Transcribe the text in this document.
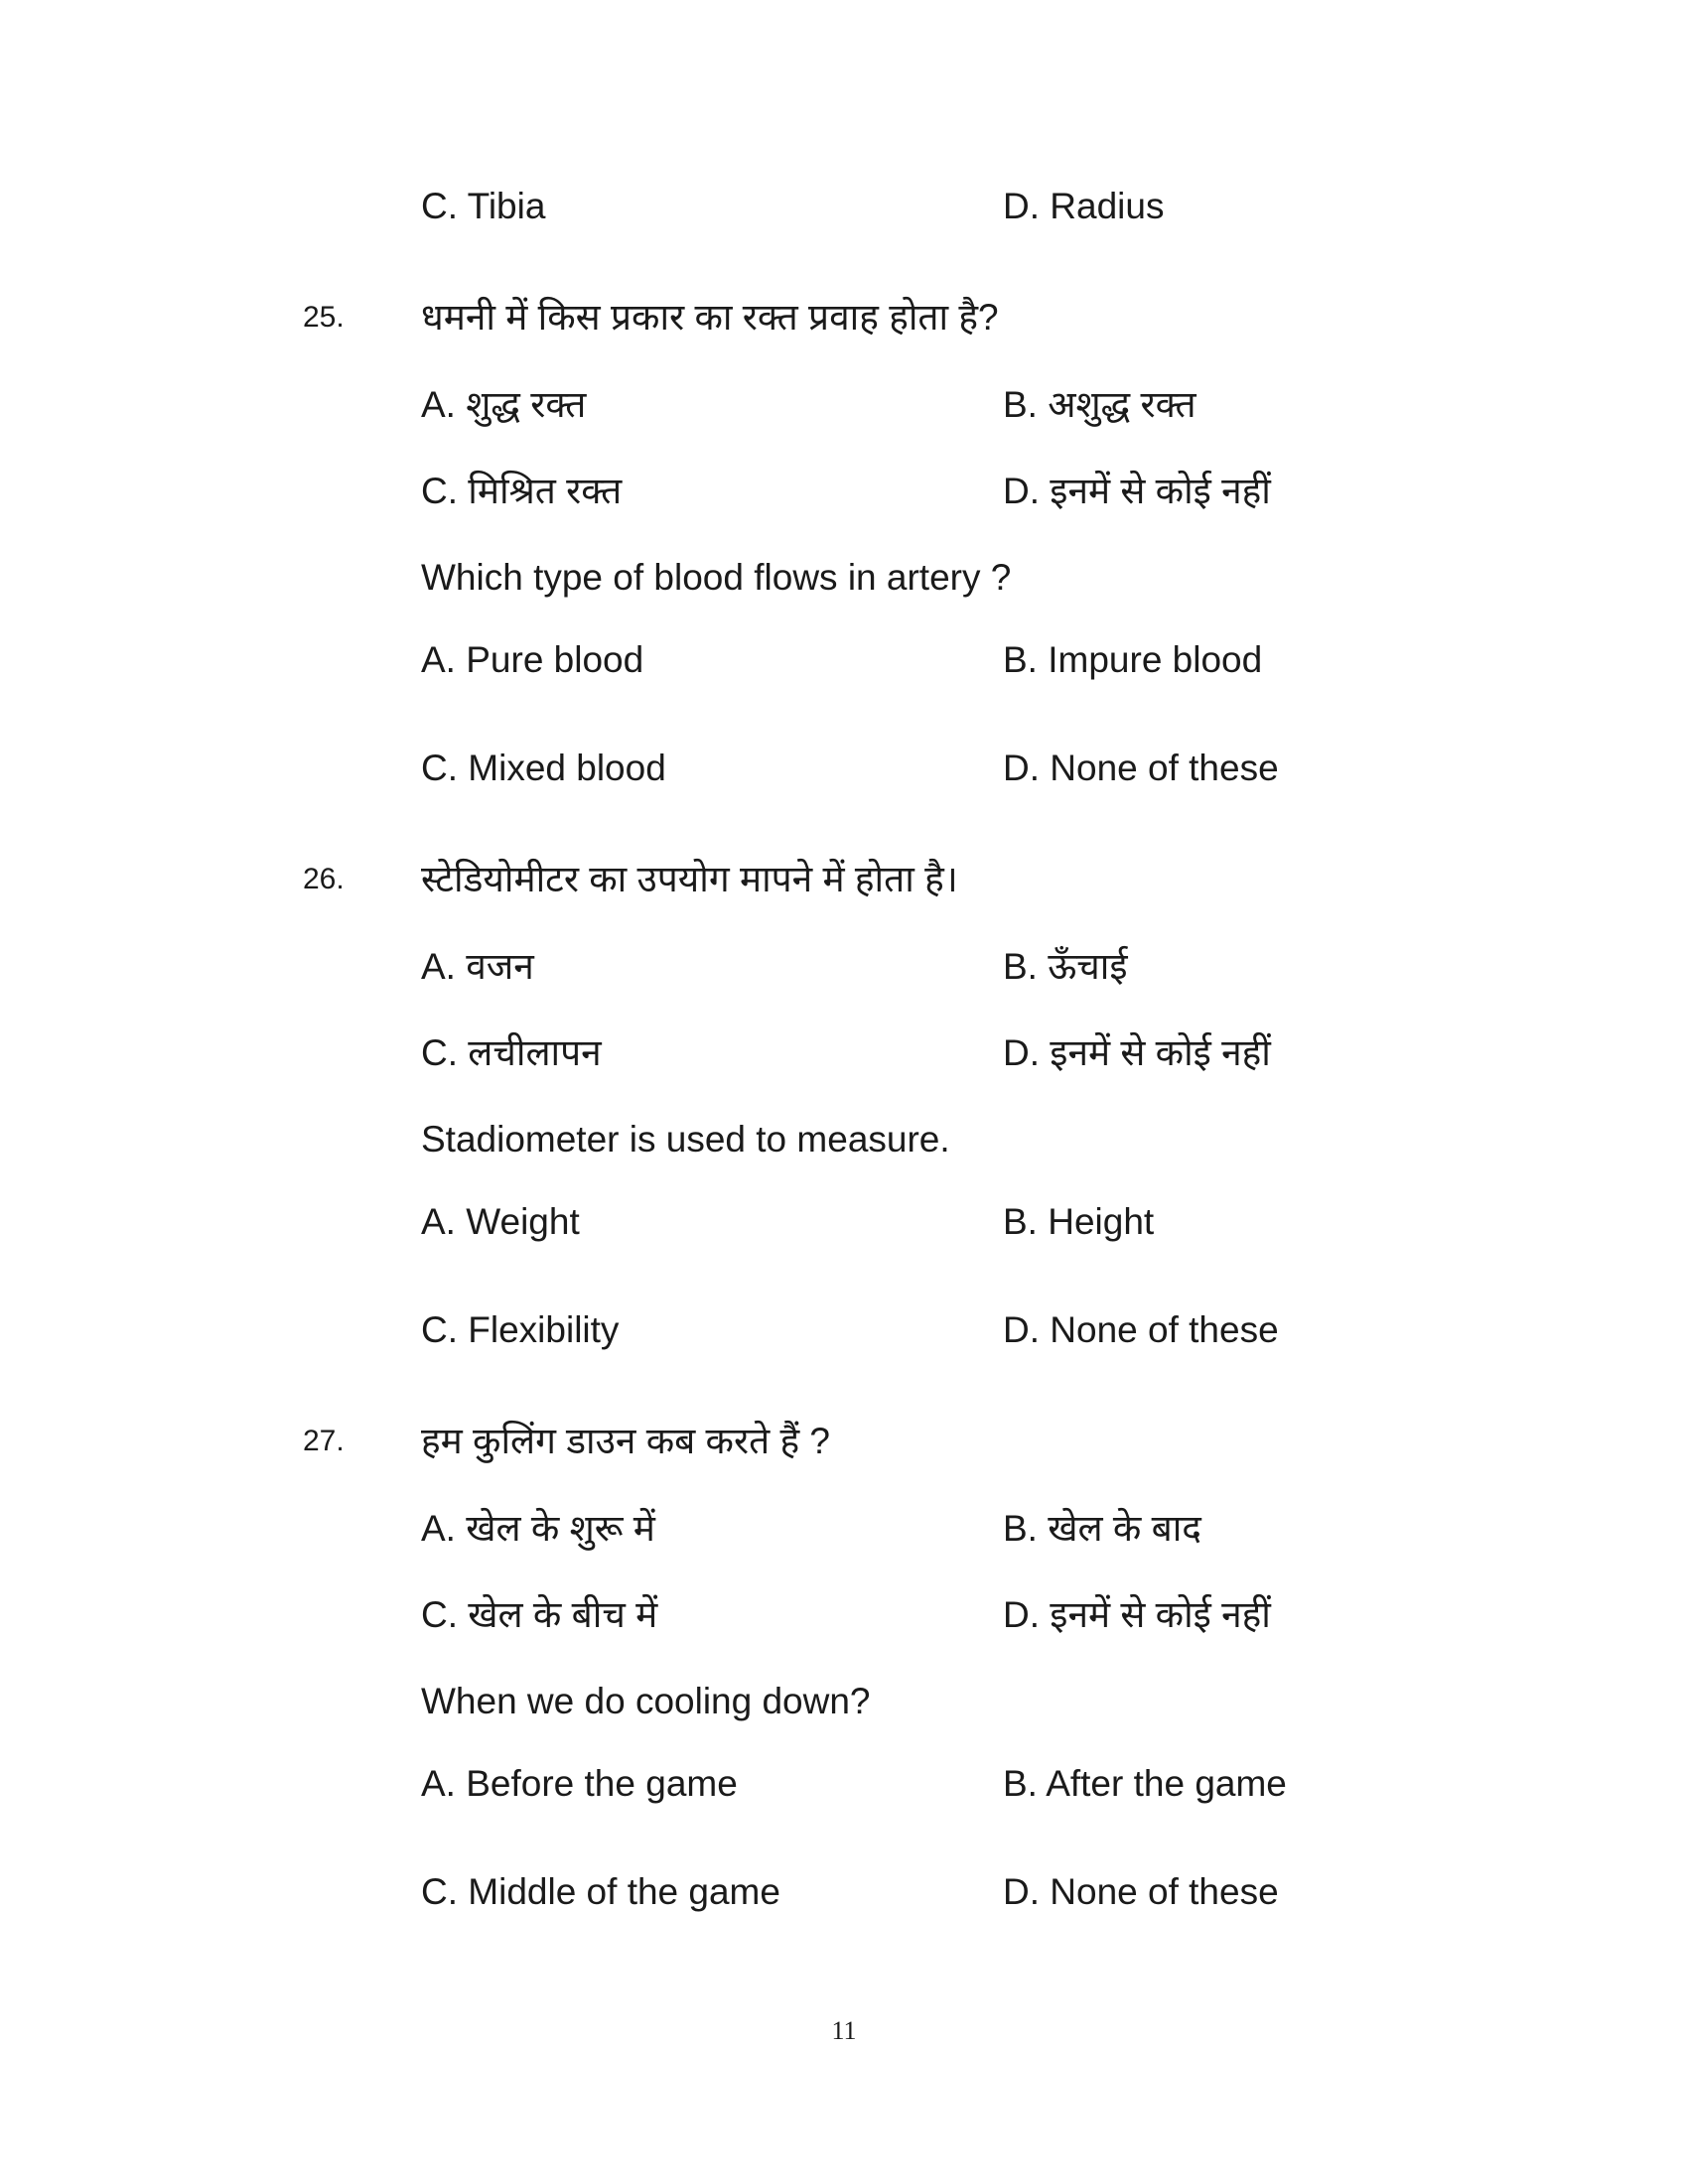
C. Tibia	D. Radius
25. धमनी में किस प्रकार का रक्त प्रवाह होता है?
A. शुद्ध रक्त	B. अशुद्ध रक्त
C. मिश्रित रक्त	D. इनमें से कोई नहीं
Which type of blood flows in artery ?
A. Pure blood	B. Impure blood
C. Mixed blood	D. None of these
26. स्टेडियोमीटर का उपयोग मापने में होता है।
A. वजन	B. ऊँचाई
C. लचीलापन	D. इनमें से कोई नहीं
Stadiometer is used to measure.
A. Weight	B. Height
C. Flexibility	D. None of these
27. हम कुलिंग डाउन कब करते हैं ?
A. खेल के शुरू में	B. खेल के बाद
C. खेल के बीच में	D. इनमें से कोई नहीं
When we do cooling down?
A. Before the game	B. After the game
C. Middle of the game	D. None of these
11
